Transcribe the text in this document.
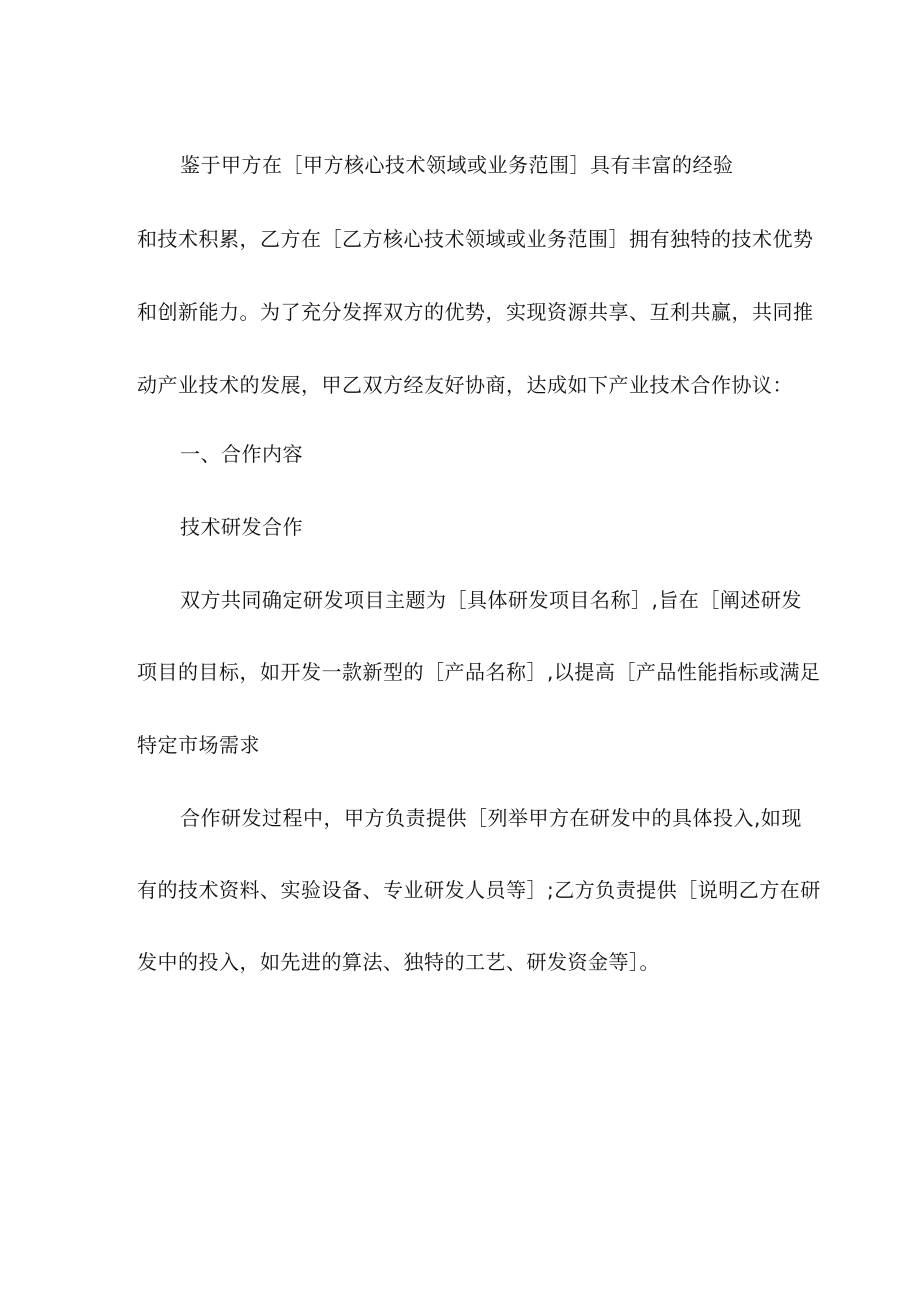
鉴于甲方在［甲方核心技术领域或业务范围］具有丰富的经验

和技术积累，乙方在［乙方核心技术领域或业务范围］拥有独特的技术优势

和创新能力。为了充分发挥双方的优势，实现资源共享、互利共赢，共同推

动产业技术的发展，甲乙双方经友好协商，达成如下产业技术合作协议：

一、合作内容

技术研发合作

双方共同确定研发项目主题为［具体研发项目名称］,旨在［阐述研发

项目的目标，如开发一款新型的［产品名称］,以提高［产品性能指标或满足

特定市场需求

合作研发过程中，甲方负责提供［列举甲方在研发中的具体投入,如现

有的技术资料、实验设备、专业研发人员等］;乙方负责提供［说明乙方在研

发中的投入，如先进的算法、独特的工艺、研发资金等］。
